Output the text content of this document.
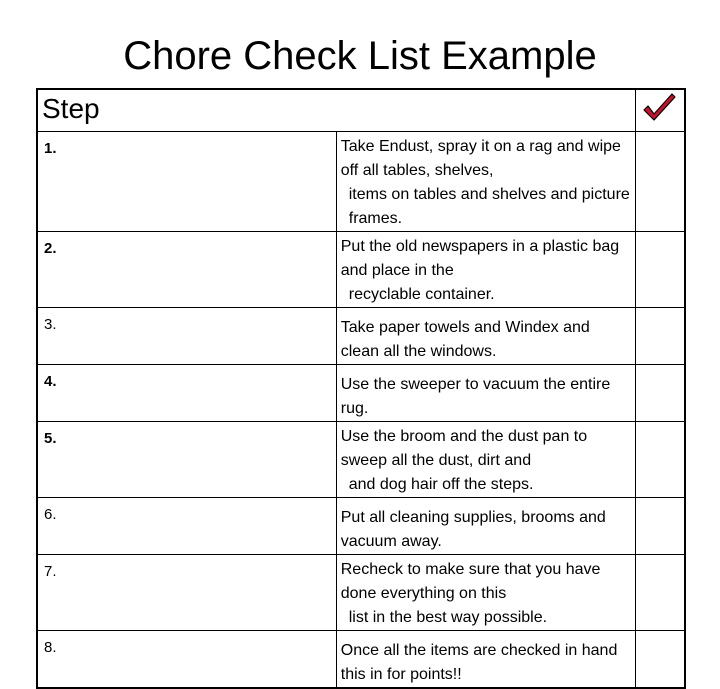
Chore Check List Example
Step	

1.	Take Endust, spray it on a rag and wipe off all tables, shelves,
items on tables and shelves and picture frames.	

2.	Put the old newspapers in a plastic bag and place in the
recyclable container.	

3.	Take paper towels and Windex and clean all the windows.	
4.	Use the sweeper to vacuum the entire rug.	
5.	Use the broom and the dust pan to sweep all the dust, dirt and
and dog hair off the steps.	

6.	Put all cleaning supplies, brooms and vacuum away.	
7.	Recheck to make sure that you have done everything on this
list in the best way possible.	

8.	Once all the items are checked in hand this in for points!!	
